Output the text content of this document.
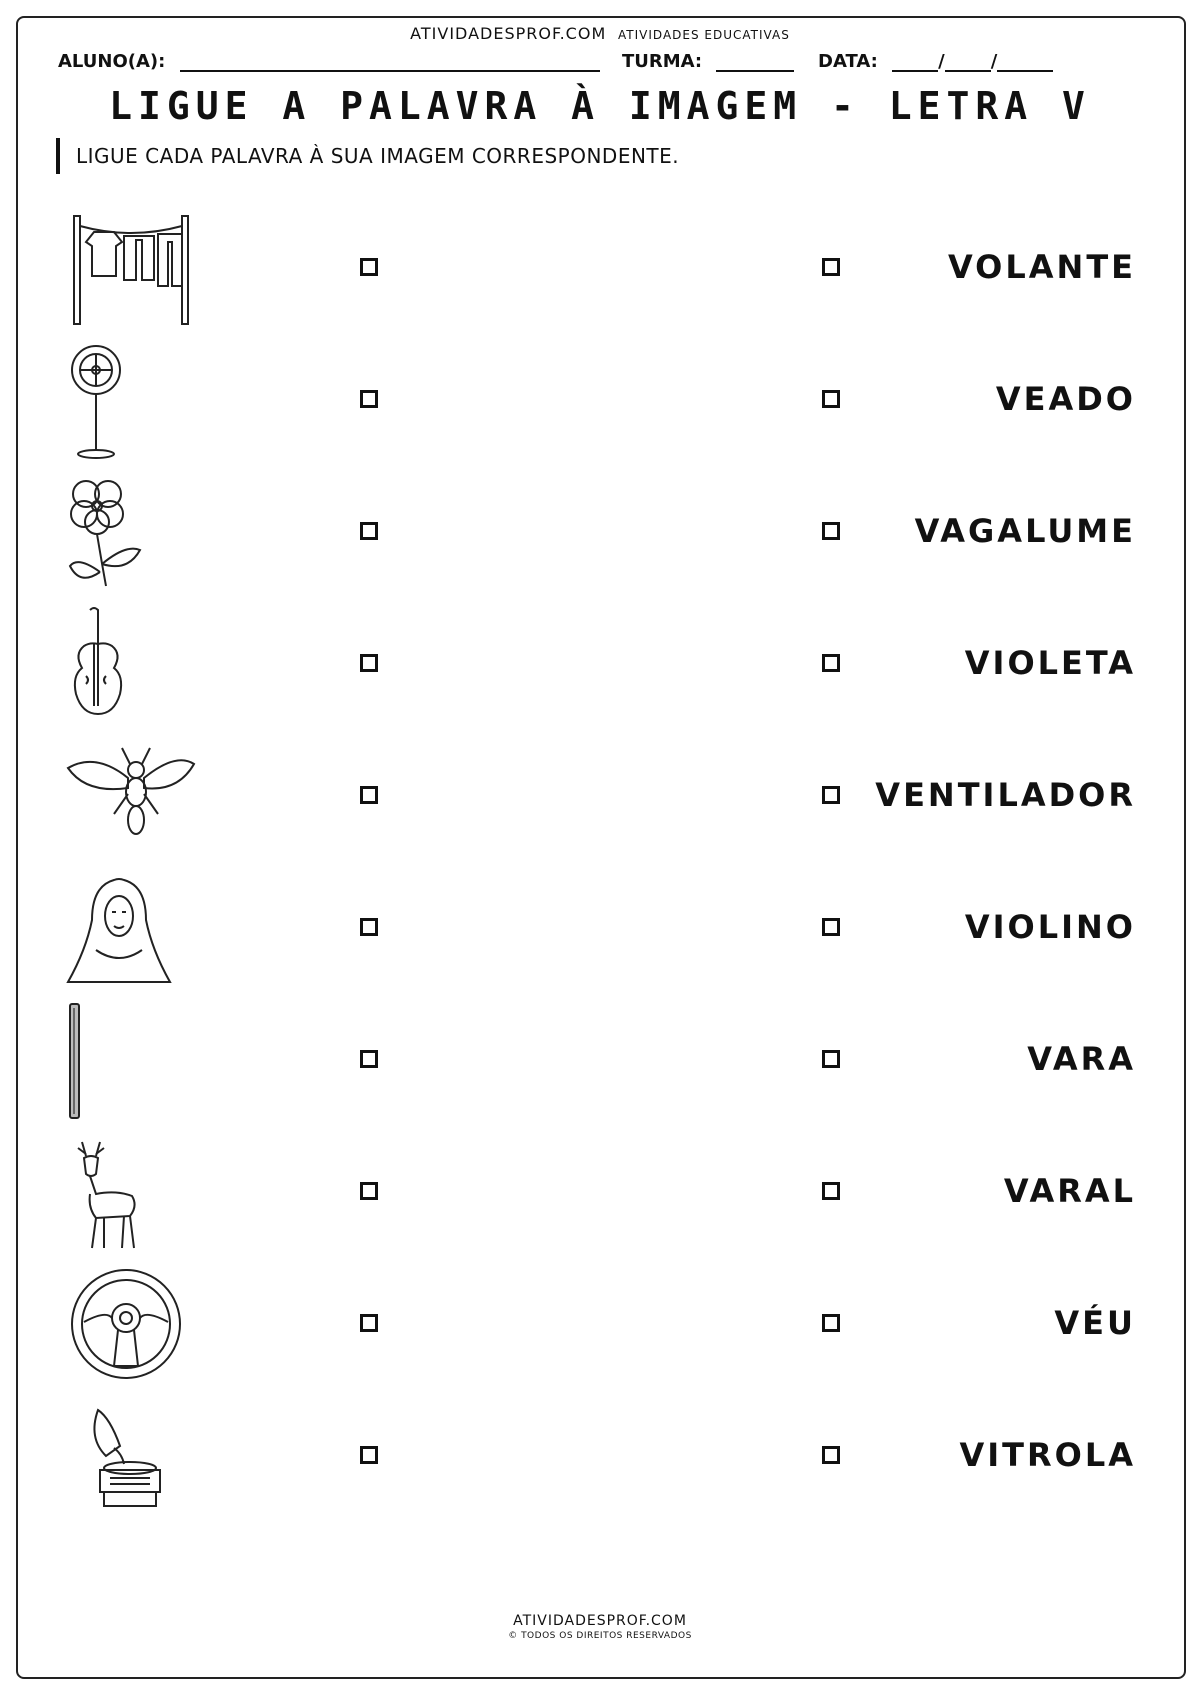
ATIVIDADESPROF.COM ATIVIDADES EDUCATIVAS
ALUNO(A):	TURMA:	DATA:	/	/
LIGUE A PALAVRA À IMAGEM - LETRA V
LIGUE CADA PALAVRA À SUA IMAGEM CORRESPONDENTE.
VOLANTE
VEADO
VAGALUME
VIOLETA
VENTILADOR
VIOLINO
VARA
VARAL
VÉU
VITROLA
ATIVIDADESPROF.COM
© TODOS OS DIREITOS RESERVADOS
